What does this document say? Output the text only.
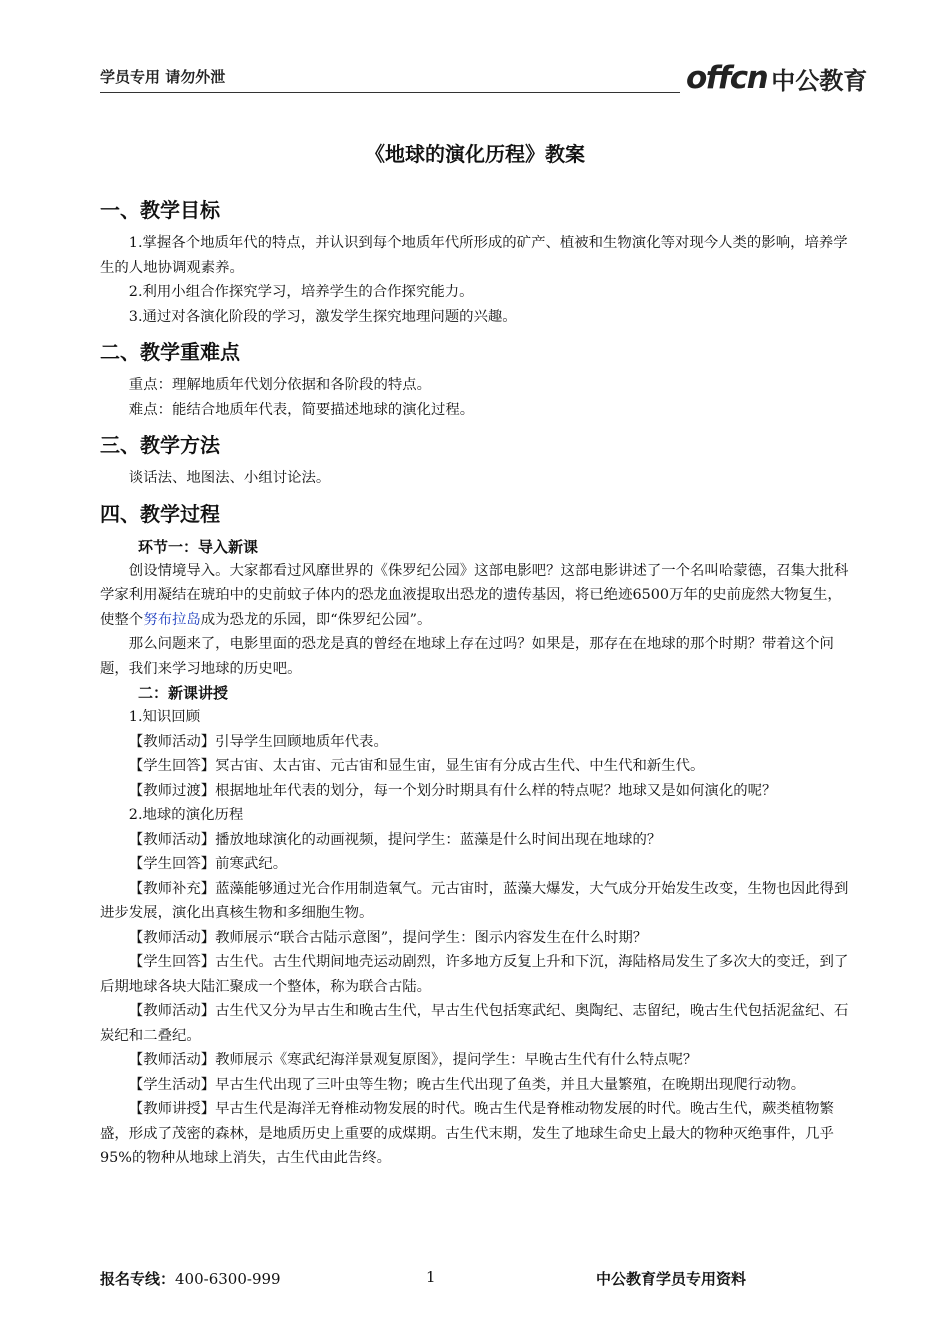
学员专用 请勿外泄	offcn 中公教育
《地球的演化历程》教案
一、教学目标

1.掌握各个地质年代的特点，并认识到每个地质年代所形成的矿产、植被和生物演化等对现今人类的影响，培养学生的人地协调观素养。

2.利用小组合作探究学习，培养学生的合作探究能力。

3.通过对各演化阶段的学习，激发学生探究地理问题的兴趣。

二、教学重难点

重点：理解地质年代划分依据和各阶段的特点。

难点：能结合地质年代表，简要描述地球的演化过程。

三、教学方法

谈话法、地图法、小组讨论法。

四、教学过程
环节一：导入新课

创设情境导入。大家都看过风靡世界的《侏罗纪公园》这部电影吧？这部电影讲述了一个名叫哈蒙德，召集大批科学家利用凝结在琥珀中的史前蚊子体内的恐龙血液提取出恐龙的遗传基因，将已绝迹6500万年的史前庞然大物复生，使整个努布拉岛成为恐龙的乐园，即“侏罗纪公园”。

那么问题来了，电影里面的恐龙是真的曾经在地球上存在过吗？如果是，那存在在地球的那个时期？带着这个问题，我们来学习地球的历史吧。

二：新课讲授

1.知识回顾

【教师活动】引导学生回顾地质年代表。

【学生回答】冥古宙、太古宙、元古宙和显生宙，显生宙有分成古生代、中生代和新生代。

【教师过渡】根据地址年代表的划分，每一个划分时期具有什么样的特点呢？地球又是如何演化的呢？

2.地球的演化历程

【教师活动】播放地球演化的动画视频，提问学生：蓝藻是什么时间出现在地球的？

【学生回答】前寒武纪。

【教师补充】蓝藻能够通过光合作用制造氧气。元古宙时，蓝藻大爆发，大气成分开始发生改变，生物也因此得到进步发展，演化出真核生物和多细胞生物。

【教师活动】教师展示“联合古陆示意图”，提问学生：图示内容发生在什么时期？

【学生回答】古生代。古生代期间地壳运动剧烈，许多地方反复上升和下沉，海陆格局发生了多次大的变迁，到了后期地球各块大陆汇聚成一个整体，称为联合古陆。

【教师活动】古生代又分为早古生和晚古生代，早古生代包括寒武纪、奥陶纪、志留纪，晚古生代包括泥盆纪、石炭纪和二叠纪。

【教师活动】教师展示《寒武纪海洋景观复原图》，提问学生：早晚古生代有什么特点呢？

【学生活动】早古生代出现了三叶虫等生物；晚古生代出现了鱼类，并且大量繁殖，在晚期出现爬行动物。

【教师讲授】早古生代是海洋无脊椎动物发展的时代。晚古生代是脊椎动物发展的时代。晚古生代，蕨类植物繁盛，形成了茂密的森林，是地质历史上重要的成煤期。古生代末期，发生了地球生命史上最大的物种灭绝事件，几乎95%的物种从地球上消失，古生代由此告终。

报名专线：400-6300-999	1	中公教育学员专用资料
